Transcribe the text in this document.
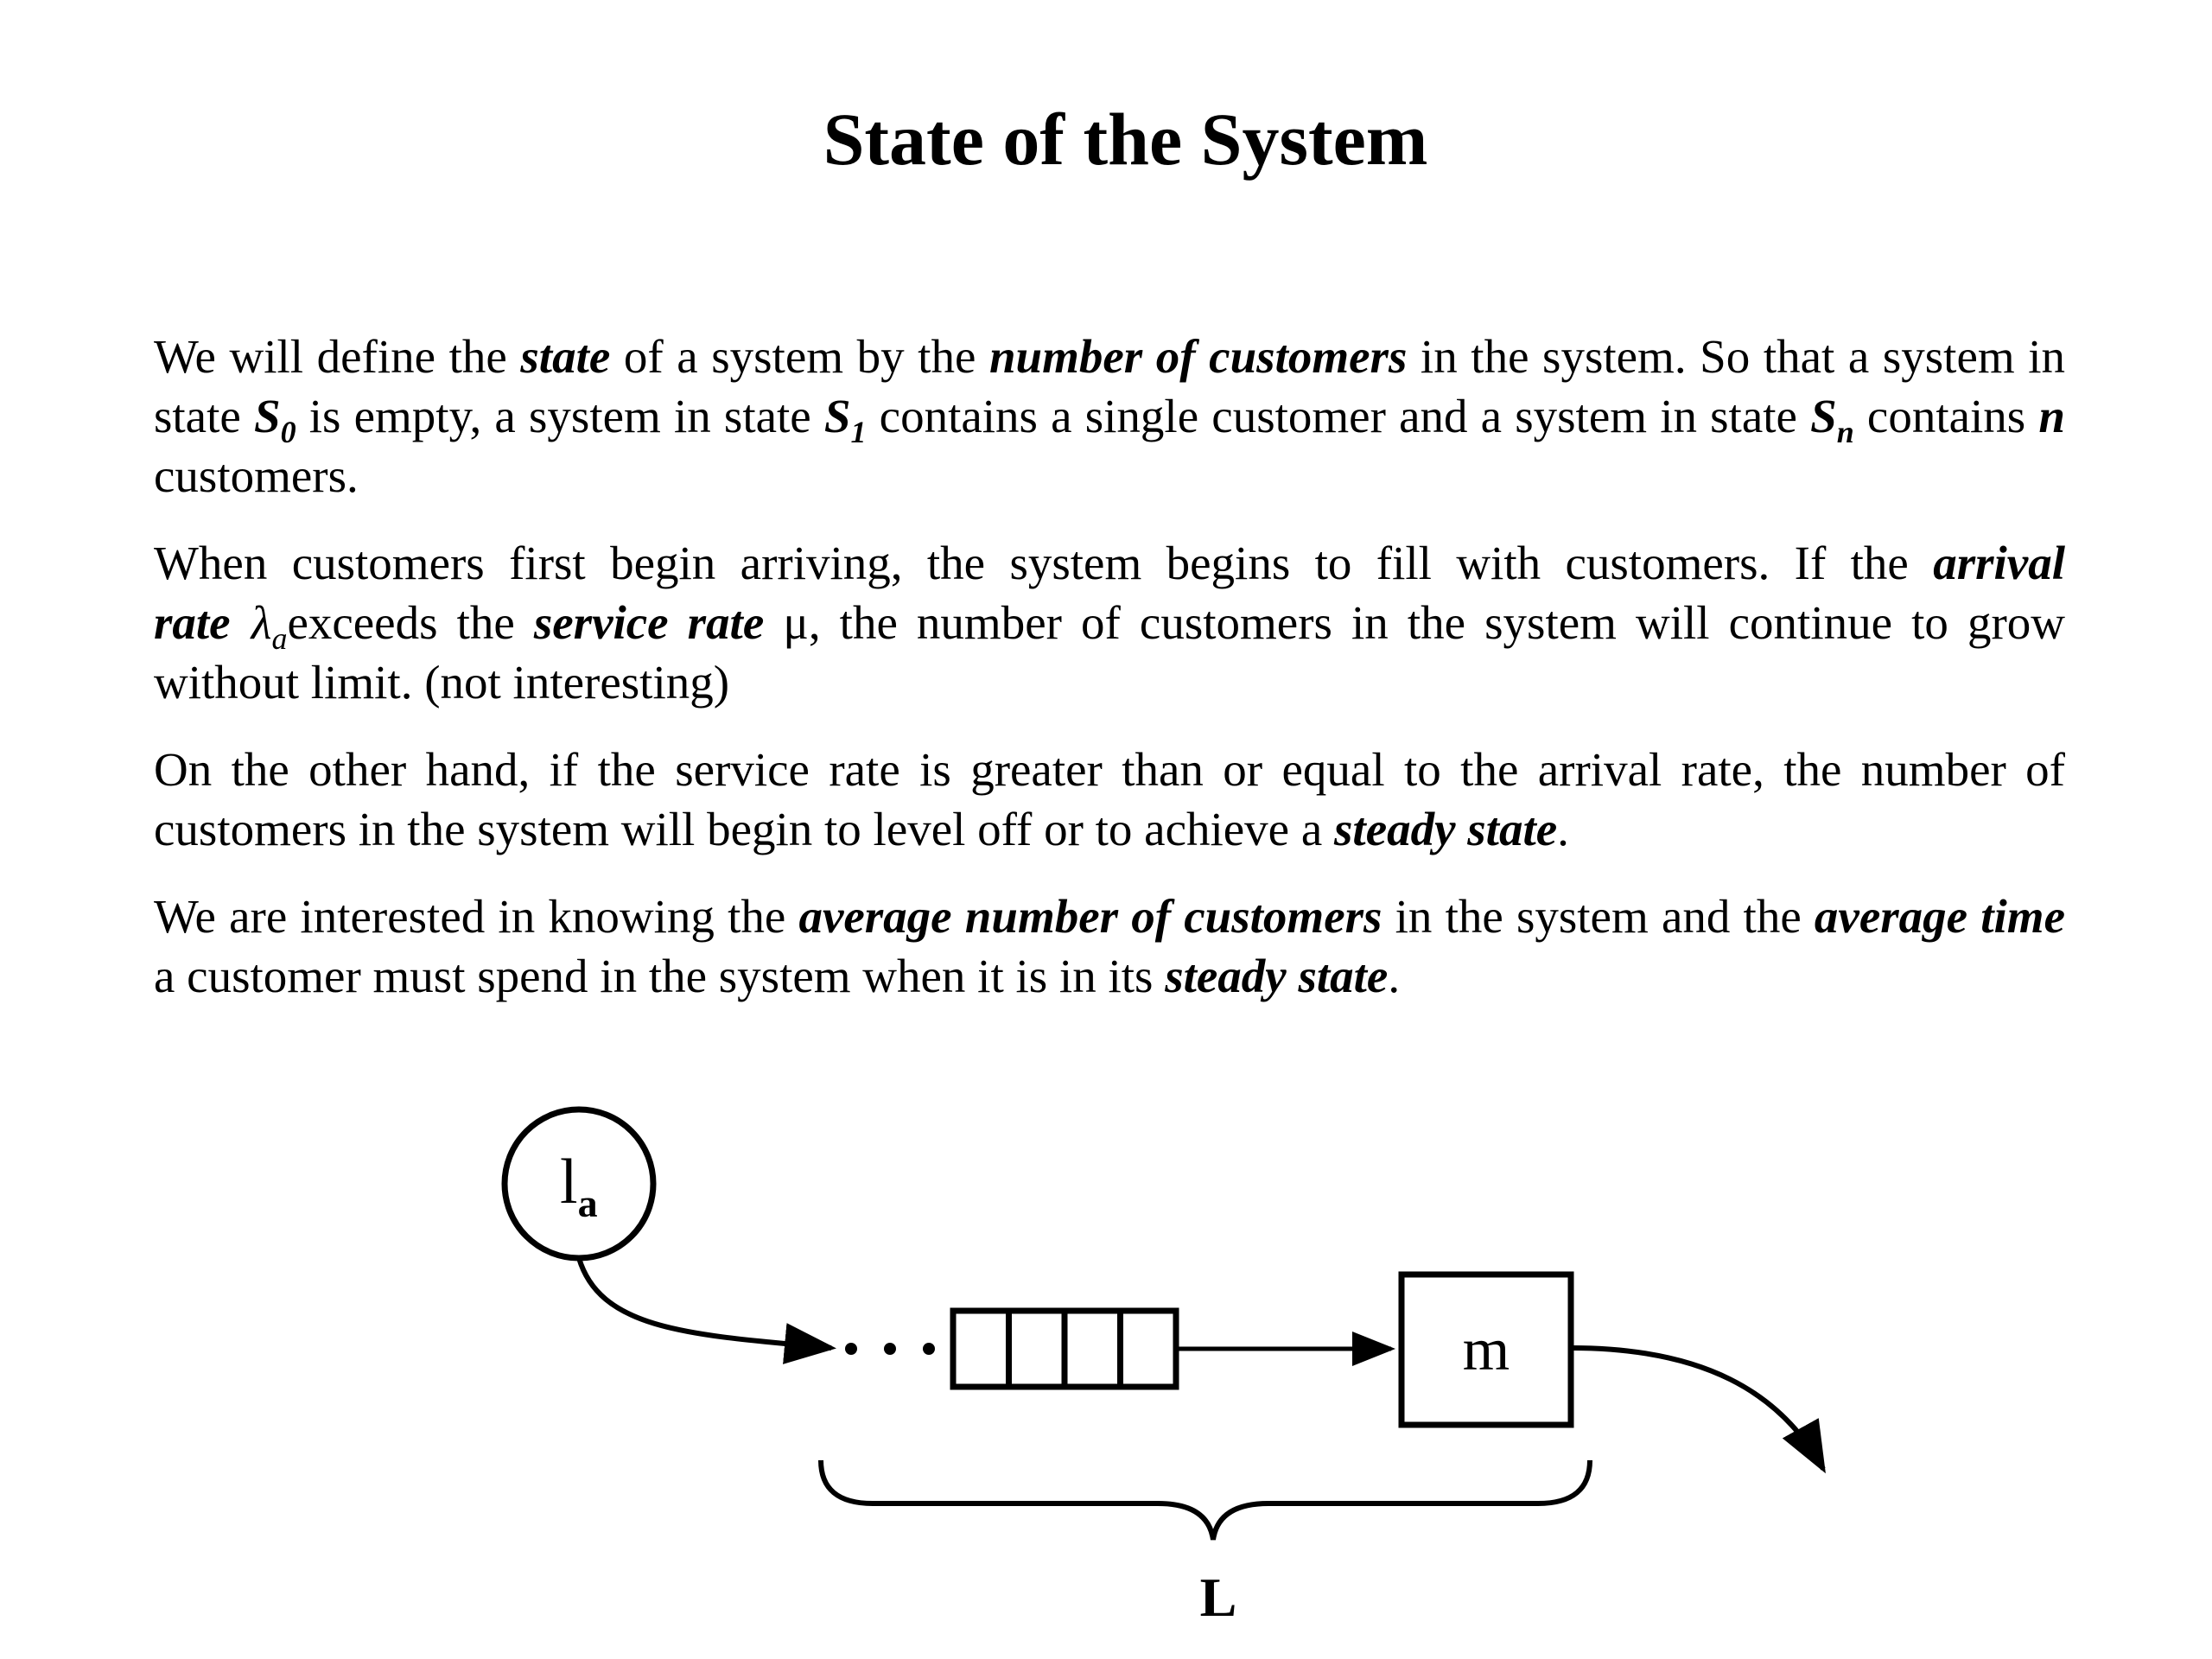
State of the System

We will define the state of a system by the number of customers in the system. So that a system in state $S_0$ is empty, a system in state $S_1$ contains a single customer and a system in state $S_n$ contains n customers.

When customers first begin arriving, the system begins to fill with customers. If the arrival rate $\lambda_aexceeds$ the service rate μ, the number of customers in the system will continue to grow without limit. (not interesting)

On the other hand, if the service rate is greater than or equal to the arrival rate, the number of customers in the system will begin to level off or to achieve a steady state.

We are interested in knowing the average number of customers in the system and the average time a customer must spend in the system when it is in its steady state.

$l_a$
m
L
